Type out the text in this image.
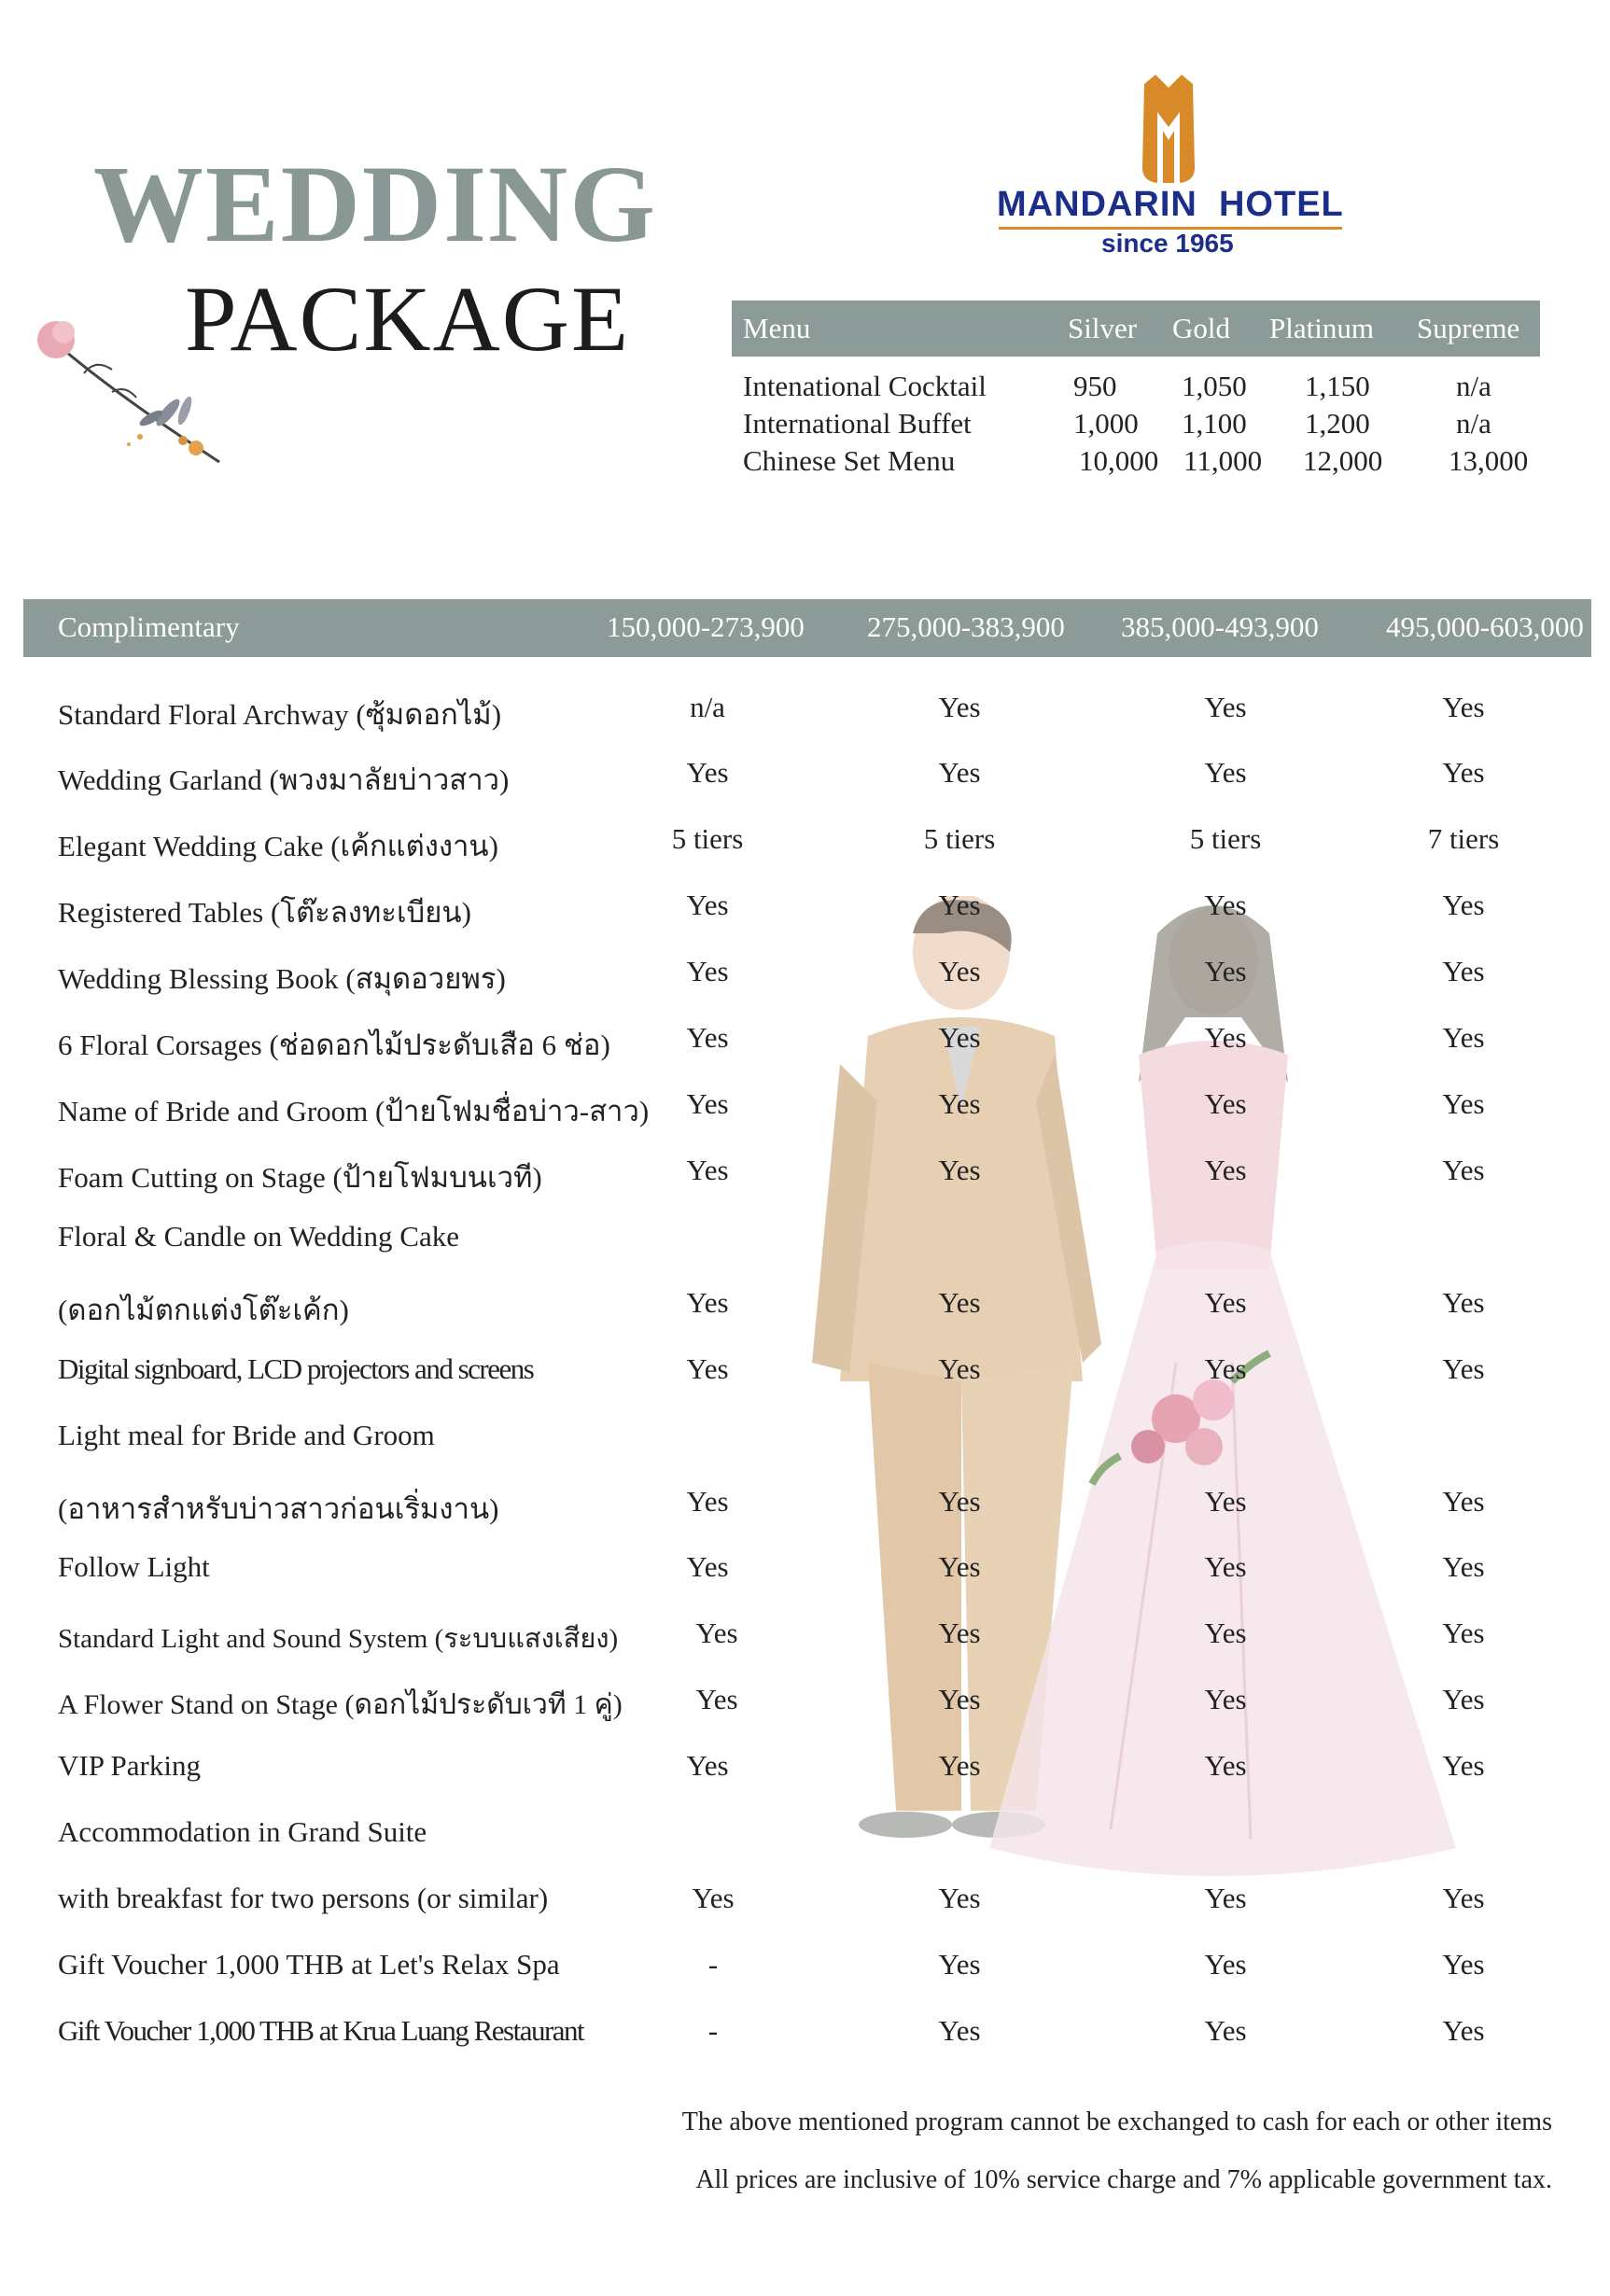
WEDDING
PACKAGE
MANDARIN  HOTEL
since 1965
Menu	Silver Gold Platinum Supreme
Intenational Cocktail	950 1,050 1,150	n/a
International Buffet	1,000 1,100 1,200	n/a
Chinese Set Menu	10,000 11,000 12,000 13,000
Complimentary	150,000-273,900 275,000-383,900 385,000-493,900 495,000-603,000
Standard Floral Archway (ซุ้มดอกไม้)	n/a	Yes	Yes	Yes
Wedding Garland (พวงมาลัยบ่าวสาว)	Yes	Yes	Yes	Yes
Elegant Wedding Cake (เค้กแต่งงาน)	5 tiers	5 tiers	5 tiers	7 tiers
Registered Tables (โต๊ะลงทะเบียน)	Yes	Yes	Yes	Yes
Wedding Blessing Book (สมุดอวยพร)	Yes	Yes	Yes	Yes
6 Floral Corsages (ช่อดอกไม้ประดับเสือ 6 ช่อ)	Yes	Yes	Yes	Yes
Name of Bride and Groom (ป้ายโฟมชื่อบ่าว-สาว)	Yes	Yes	Yes	Yes
Foam Cutting on Stage (ป้ายโฟมบนเวที)	Yes	Yes	Yes	Yes
Floral & Candle on Wedding Cake
(ดอกไม้ตกแต่งโต๊ะเค้ก)	Yes	Yes	Yes	Yes
Digital signboard, LCD projectors and screens	Yes	Yes	Yes	Yes
Light meal for Bride and Groom
(อาหารสำหรับบ่าวสาวก่อนเริ่มงาน)	Yes	Yes	Yes	Yes
Follow Light	Yes	Yes	Yes	Yes
Standard Light and Sound System (ระบบแสงเสียง)	Yes	Yes	Yes	Yes
A Flower Stand on Stage (ดอกไม้ประดับเวที 1 คู่)	Yes	Yes	Yes	Yes
VIP Parking	Yes	Yes	Yes	Yes
Accommodation in Grand Suite
with breakfast for two persons (or similar)	Yes	Yes	Yes	Yes
Gift Voucher 1,000 THB at Let's Relax Spa	-	Yes	Yes	Yes
Gift Voucher 1,000 THB at Krua Luang Restaurant	-	Yes	Yes	Yes
The above mentioned program cannot be exchanged to cash for each or other items
All prices are inclusive of 10% service charge and 7% applicable government tax.
